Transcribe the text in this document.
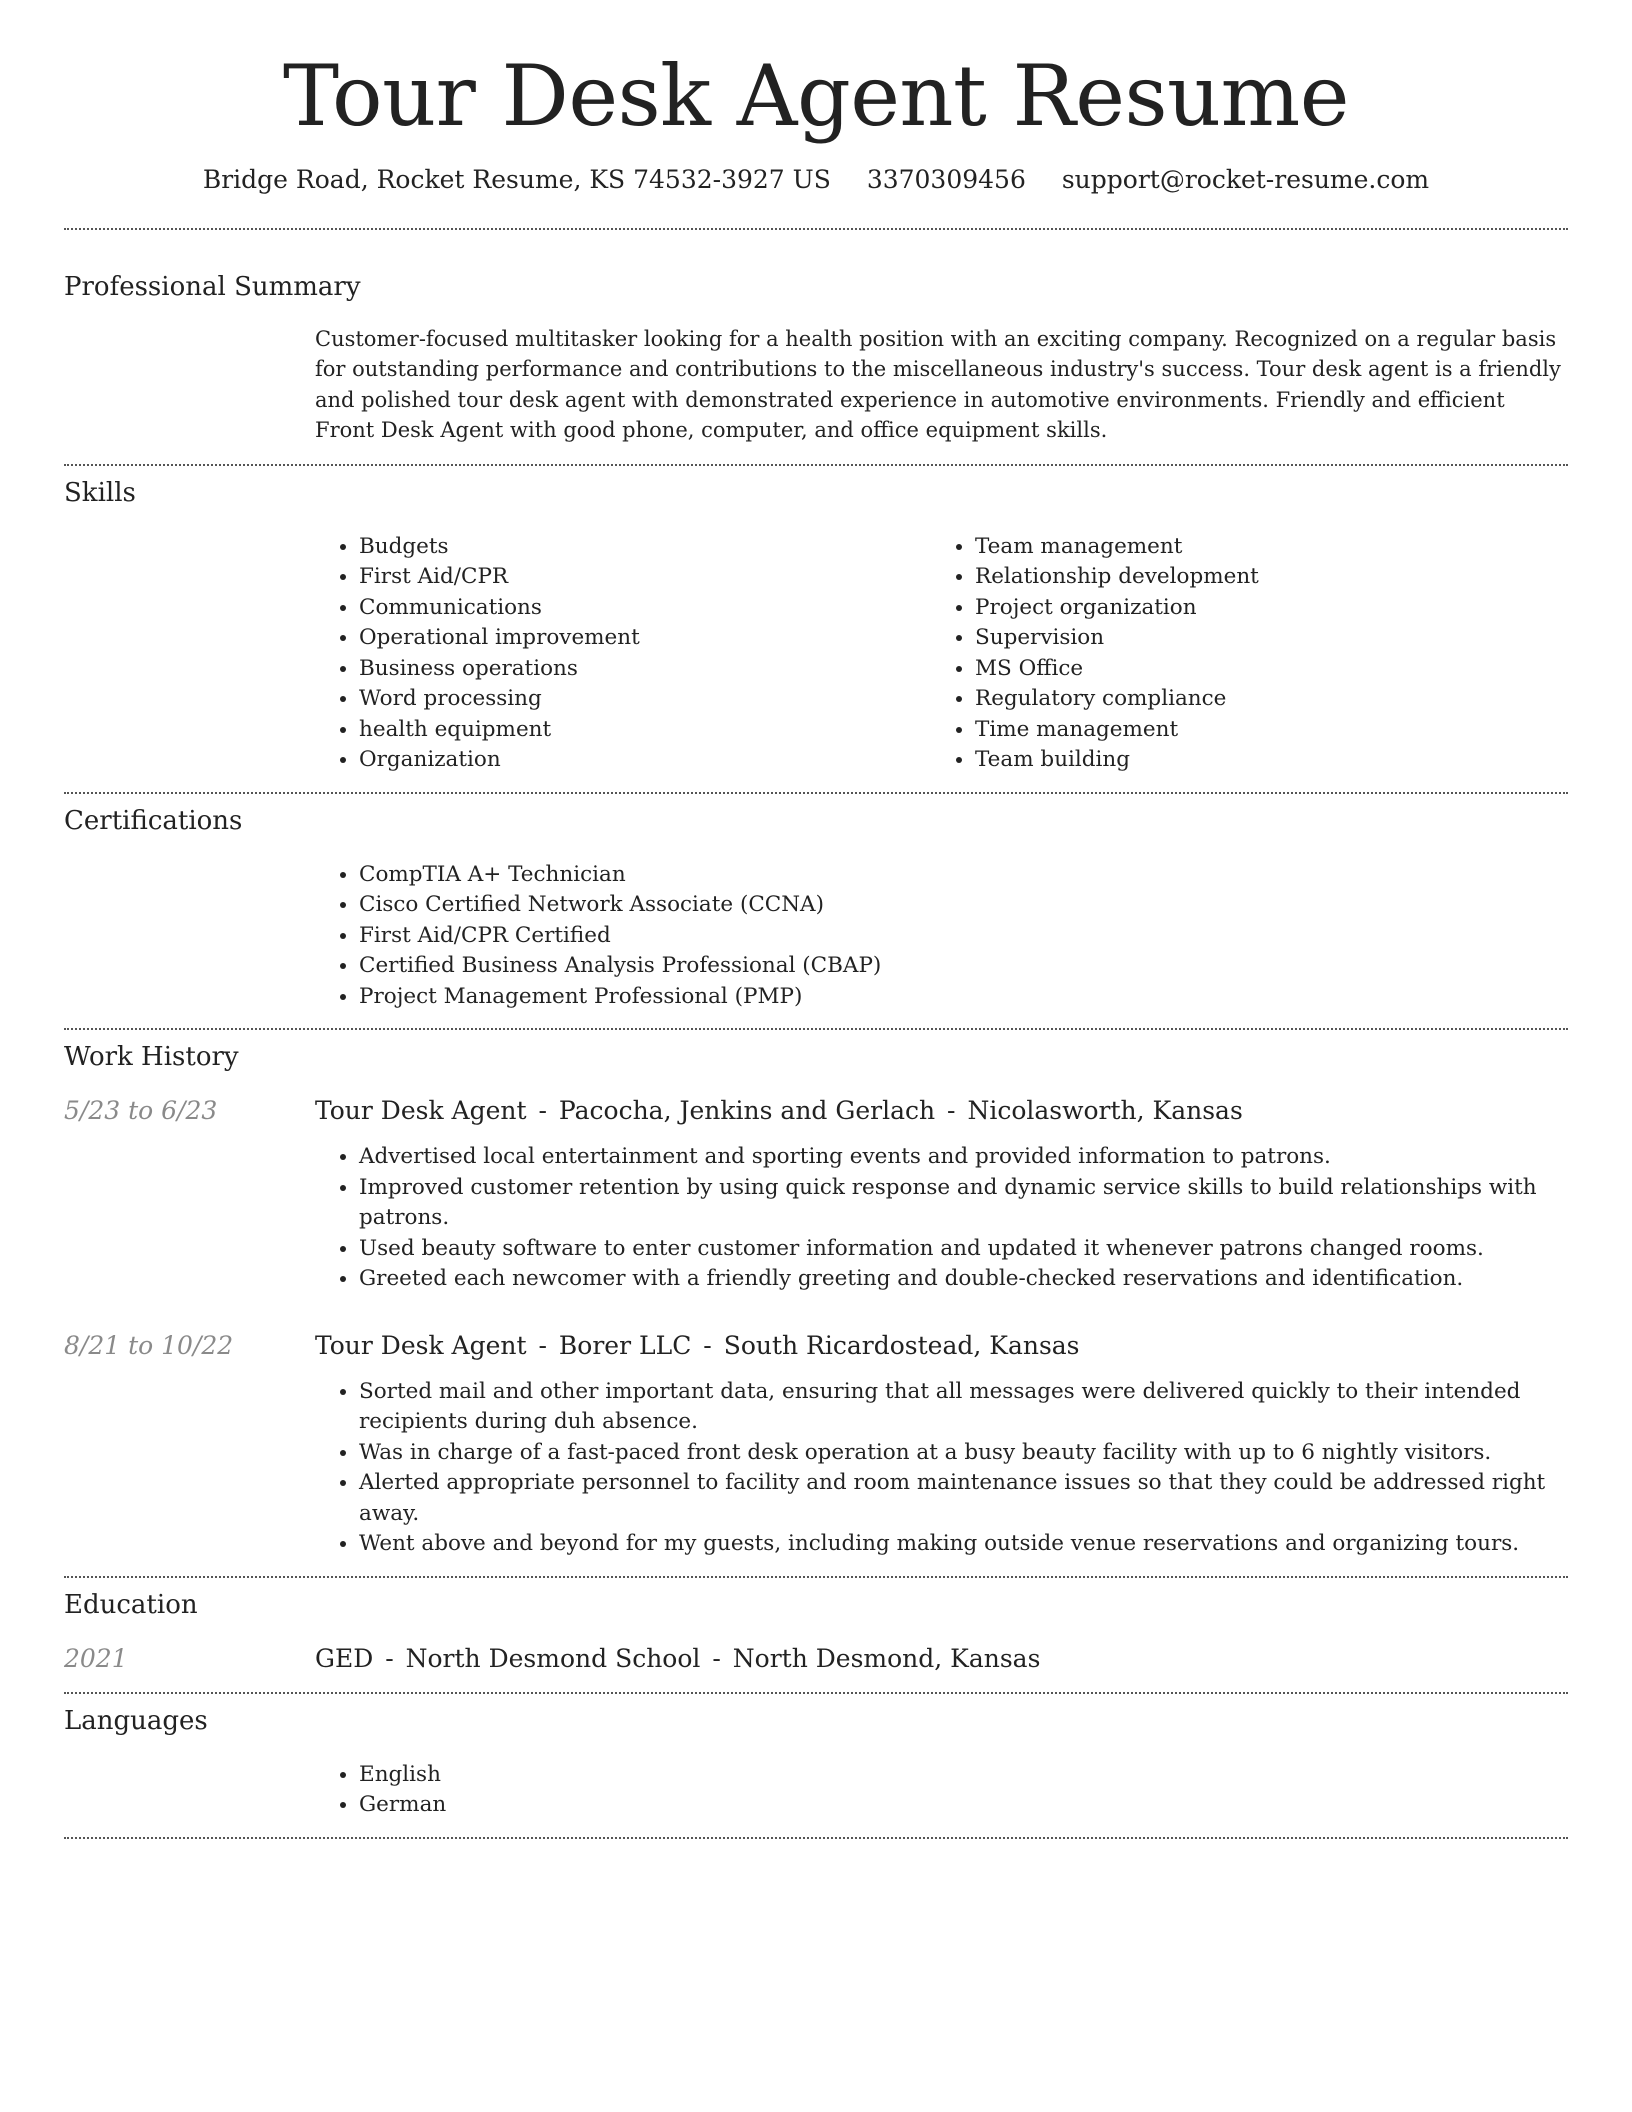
Tour Desk Agent Resume
Bridge Road, Rocket Resume, KS 74532-3927 US 3370309456 support@rocket-resume.com
Professional Summary

Customer-focused multitasker looking for a health position with an exciting company. Recognized on a regular basis for outstanding performance and contributions to the miscellaneous industry's success. Tour desk agent is a friendly and polished tour desk agent with demonstrated experience in automotive environments. Friendly and efficient Front Desk Agent with good phone, computer, and office equipment skills.

Skills
• Budgets
• First Aid/CPR
• Communications
• Operational improvement
• Business operations
• Word processing
• health equipment
• Organization
• Team management
• Relationship development
• Project organization
• Supervision
• MS Office
• Regulatory compliance
• Time management
• Team building
Certifications
• CompTIA A+ Technician
• Cisco Certified Network Associate (CCNA)
• First Aid/CPR Certified
• Certified Business Analysis Professional (CBAP)
• Project Management Professional (PMP)
Work History
5/23 to 6/23	Tour Desk Agent - Pacocha, Jenkins and Gerlach - Nicolasworth, Kansas
• Advertised local entertainment and sporting events and provided information to patrons.
• Improved customer retention by using quick response and dynamic service skills to build relationships with patrons.
• Used beauty software to enter customer information and updated it whenever patrons changed rooms.
• Greeted each newcomer with a friendly greeting and double-checked reservations and identification.
8/21 to 10/22	Tour Desk Agent - Borer LLC - South Ricardostead, Kansas
• Sorted mail and other important data, ensuring that all messages were delivered quickly to their intended recipients during duh absence.
• Was in charge of a fast-paced front desk operation at a busy beauty facility with up to 6 nightly visitors.
• Alerted appropriate personnel to facility and room maintenance issues so that they could be addressed right away.
• Went above and beyond for my guests, including making outside venue reservations and organizing tours.
Education
2021	GED - North Desmond School - North Desmond, Kansas
Languages
• English
• German
